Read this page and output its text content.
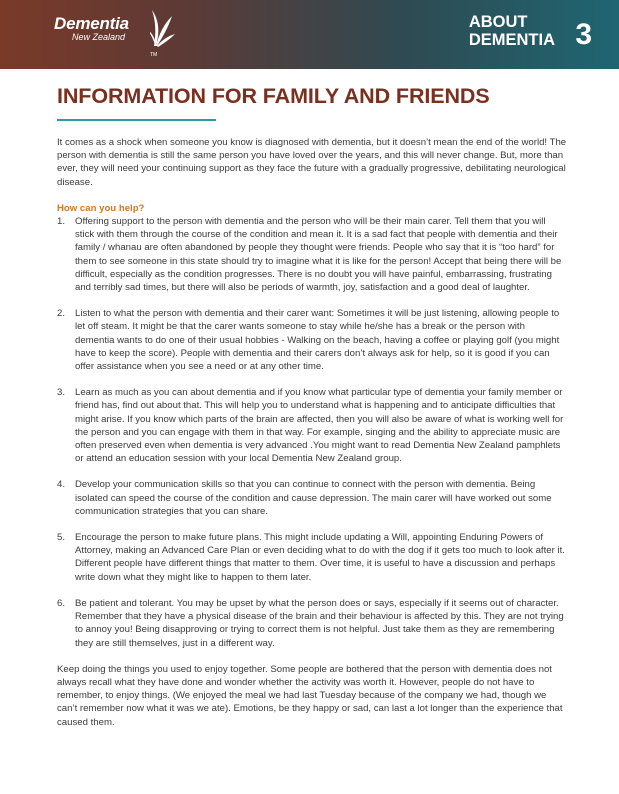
Dementia
New Zealand
TM
ABOUT
DEMENTIA 3
INFORMATION FOR FAMILY AND FRIENDS

It comes as a shock when someone you know is diagnosed with dementia, but it doesn’t mean the end of the world! The person with dementia is still the same person you have loved over the years, and this will never change. But, more than ever, they will need your continuing support as they face the future with a gradually progressive, debilitating neurological disease.

How can you help?

1. Offering support to the person with dementia and the person who will be their main carer. Tell them that you will stick with them through the course of the condition and mean it. It is a sad fact that people with dementia and their family / whanau are often abandoned by people they thought were friends. People who say that it is “too hard” for them to see someone in this state should try to imagine what it is like for the person! Accept that being there will be difficult, especially as the condition progresses. There is no doubt you will have painful, embarrassing, frustrating and terribly sad times, but there will also be periods of warmth, joy, satisfaction and a good deal of laughter.
2. Listen to what the person with dementia and their carer want: Sometimes it will be just listening, allowing people to let off steam. It might be that the carer wants someone to stay while he/she has a break or the person with dementia wants to do one of their usual hobbies - Walking on the beach, having a coffee or playing golf (you might have to keep the score). People with dementia and their carers don’t always ask for help, so it is good if you can offer assistance when you see a need or at any other time.
3. Learn as much as you can about dementia and if you know what particular type of dementia your family member or friend has, find out about that. This will help you to understand what is happening and to anticipate difficulties that might arise. If you know which parts of the brain are affected, then you will also be aware of what is working well for the person and you can engage with them in that way. For example, singing and the ability to appreciate music are often preserved even when dementia is very advanced .You might want to read Dementia New Zealand pamphlets or attend an education session with your local Dementia New Zealand group.
4. Develop your communication skills so that you can continue to connect with the person with dementia. Being isolated can speed the course of the condition and cause depression. The main carer will have worked out some communication strategies that you can share.
5. Encourage the person to make future plans. This might include updating a Will, appointing Enduring Powers of Attorney, making an Advanced Care Plan or even deciding what to do with the dog if it gets too much to look after it. Different people have different things that matter to them. Over time, it is useful to have a discussion and perhaps write down what they might like to happen to them later.
6. Be patient and tolerant. You may be upset by what the person does or says, especially if it seems out of character. Remember that they have a physical disease of the brain and their behaviour is affected by this. They are not trying to annoy you! Being disapproving or trying to correct them is not helpful. Just take them as they are remembering they are still themselves, just in a different way.

Keep doing the things you used to enjoy together. Some people are bothered that the person with dementia does not always recall what they have done and wonder whether the activity was worth it. However, people do not have to remember, to enjoy things. (We enjoyed the meal we had last Tuesday because of the company we had, though we can’t remember now what it was we ate). Emotions, be they happy or sad, can last a lot longer than the experience that caused them.
